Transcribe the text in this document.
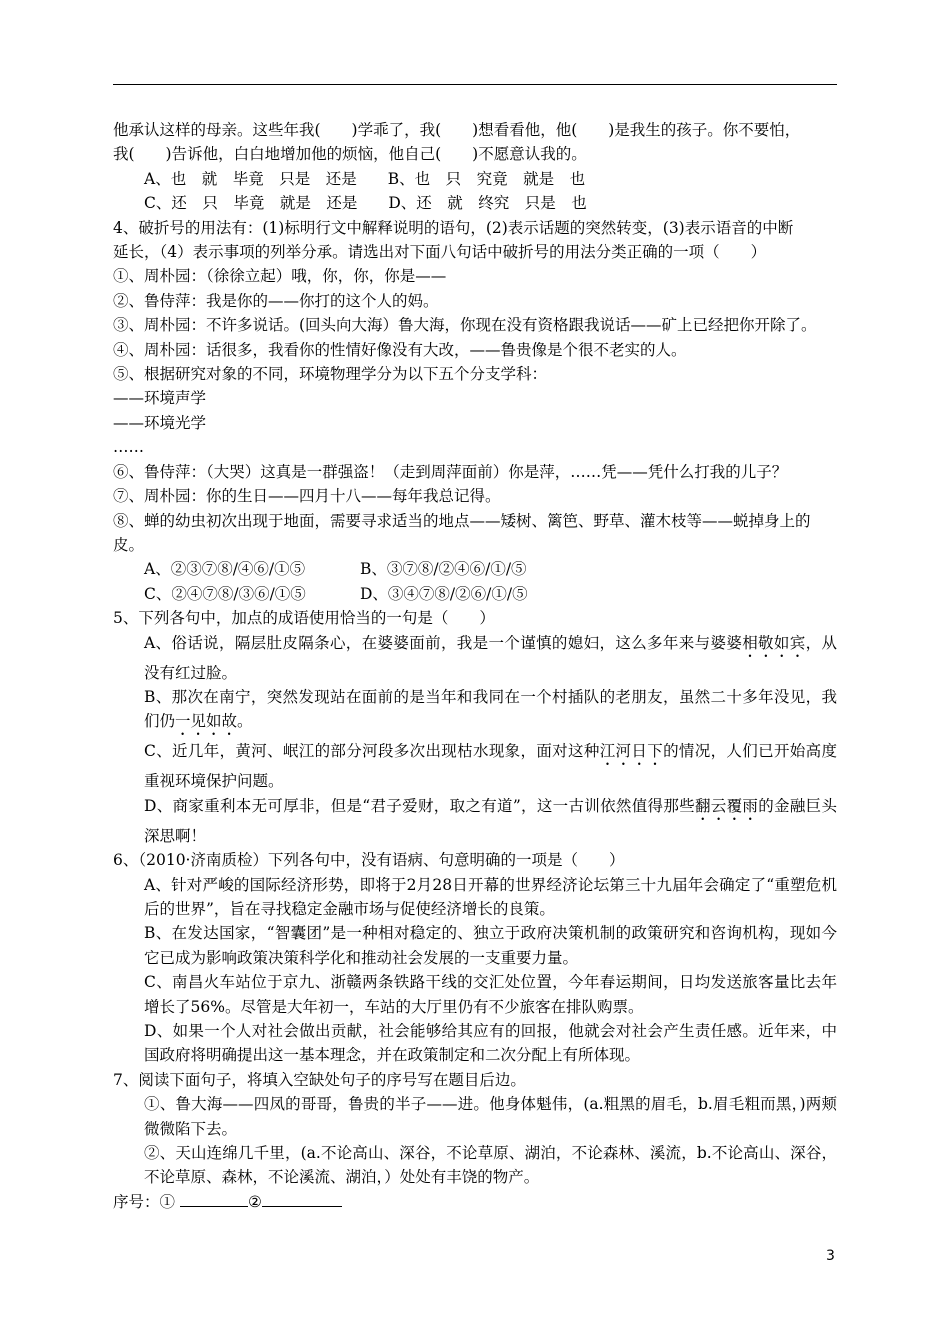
他承认这样的母亲。这些年我(　　)学乖了，我(　　)想看看他，他(　　)是我生的孩子。你不要怕，

我(　　)告诉他，白白地增加他的烦恼，他自己(　　)不愿意认我的。

A、也　就　毕竟　只是　还是　　B、也　只　究竟　就是　也

C、还　只　毕竟　就是　还是　　D、还　就　终究　只是　也

4、破折号的用法有：(1)标明行文中解释说明的语句，(2)表示话题的突然转变，(3)表示语音的中断

延长，（4）表示事项的列举分承。请选出对下面八句话中破折号的用法分类正确的一项（　　）

①、周朴园：（徐徐立起）哦，你，你，你是——

②、鲁侍萍：我是你的——你打的这个人的妈。

③、周朴园：不许多说话。(回头向大海）鲁大海，你现在没有资格跟我说话——矿上已经把你开除了。

④、周朴园：话很多，我看你的性情好像没有大改，——鲁贵像是个很不老实的人。

⑤、根据研究对象的不同，环境物理学分为以下五个分支学科：

——环境声学

——环境光学

……

⑥、鲁侍萍：（大哭）这真是一群强盗！（走到周萍面前）你是萍，……凭——凭什么打我的儿子？

⑦、周朴园：你的生日——四月十八——每年我总记得。

⑧、蝉的幼虫初次出现于地面，需要寻求适当的地点——矮树、篱笆、野草、灌木枝等——蜕掉身上的

皮。

A、②③⑦⑧/④⑥/①⑤	B、③⑦⑧/②④⑥/①/⑤

C、②④⑦⑧/③⑥/①⑤	D、③④⑦⑧/②⑥/①/⑤

5、下列各句中，加点的成语使用恰当的一句是（　　）

A、俗话说，隔层肚皮隔条心，在婆婆面前，我是一个谨慎的媳妇，这么多年来与婆婆相敬如宾，从没有红过脸。

B、那次在南宁，突然发现站在面前的是当年和我同在一个村插队的老朋友，虽然二十多年没见，我们仍一见如故。

C、近几年，黄河、岷江的部分河段多次出现枯水现象，面对这种江河日下的情况，人们已开始高度重视环境保护问题。

D、商家重利本无可厚非，但是“君子爱财，取之有道”，这一古训依然值得那些翻云覆雨的金融巨头深思啊！

6、（2010·济南质检）下列各句中，没有语病、句意明确的一项是（　　）

A、针对严峻的国际经济形势，即将于2月28日开幕的世界经济论坛第三十九届年会确定了“重塑危机后的世界”，旨在寻找稳定金融市场与促使经济增长的良策。

B、在发达国家，“智囊团”是一种相对稳定的、独立于政府决策机制的政策研究和咨询机构，现如今它已成为影响政策决策科学化和推动社会发展的一支重要力量。

C、南昌火车站位于京九、浙赣两条铁路干线的交汇处位置，今年春运期间，日均发送旅客量比去年增长了56%。尽管是大年初一，车站的大厅里仍有不少旅客在排队购票。

D、如果一个人对社会做出贡献，社会能够给其应有的回报，他就会对社会产生责任感。近年来，中国政府将明确提出这一基本理念，并在政策制定和二次分配上有所体现。

7、阅读下面句子，将填入空缺处句子的序号写在题目后边。

①、鲁大海——四凤的哥哥，鲁贵的半子——进。他身体魁伟，(a.粗黑的眉毛，b.眉毛粗而黑，)两颊微微陷下去。

②、天山连绵几千里，(a.不论高山、深谷，不论草原、湖泊，不论森林、溪流，b.不论高山、深谷，不论草原、森林，不论溪流、湖泊，）处处有丰饶的物产。

序号：①	②

3
